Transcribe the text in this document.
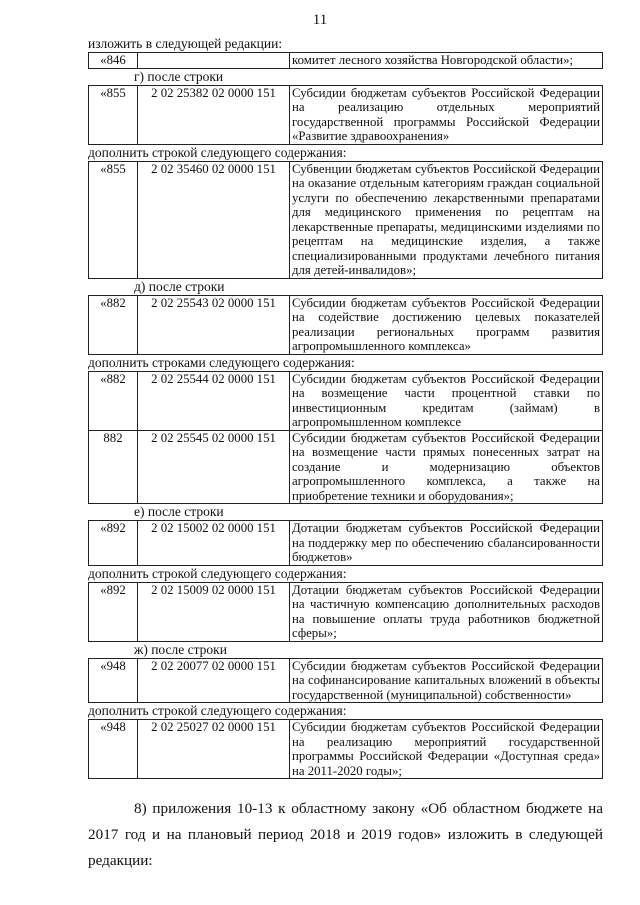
11
изложить в следующей редакции:
«846		комитет лесного хозяйства Новгородской области»;
г) после строки
«855	2 02 25382 02 0000 151	Субсидии бюджетам субъектов Российской Федерации на реализацию отдельных мероприятий государственной программы Российской Федерации «Развитие здравоохранения»
дополнить строкой следующего содержания:
«855	2 02 35460 02 0000 151	Субвенции бюджетам субъектов Российской Федерации на оказание отдельным категориям граждан социальной услуги по обеспечению лекарственными препаратами для медицинского применения по рецептам на лекарственные препараты, медицинскими изделиями по рецептам на медицинские изделия, а также специализированными продуктами лечебного питания для детей-инвалидов»;
д) после строки
«882	2 02 25543 02 0000 151	Субсидии бюджетам субъектов Российской Федерации на содействие достижению целевых показателей реализации региональных программ развития агропромышленного комплекса»
дополнить строками следующего содержания:
«882	2 02 25544 02 0000 151	Субсидии бюджетам субъектов Российской Федерации на возмещение части процентной ставки по инвестиционным кредитам (займам) в агропромышленном комплексе
882	2 02 25545 02 0000 151	Субсидии бюджетам субъектов Российской Федерации на возмещение части прямых понесенных затрат на создание и модернизацию объектов агропромышленного комплекса, а также на приобретение техники и оборудования»;
е) после строки
«892	2 02 15002 02 0000 151	Дотации бюджетам субъектов Российской Федерации на поддержку мер по обеспечению сбалансированности бюджетов»
дополнить строкой следующего содержания:
«892	2 02 15009 02 0000 151	Дотации бюджетам субъектов Российской Федерации на частичную компенсацию дополнительных расходов на повышение оплаты труда работников бюджетной сферы»;
ж) после строки
«948	2 02 20077 02 0000 151	Субсидии бюджетам субъектов Российской Федерации на софинансирование капитальных вложений в объекты государственной (муниципальной) собственности»
дополнить строкой следующего содержания:
«948	2 02 25027 02 0000 151	Субсидии бюджетам субъектов Российской Федерации на реализацию мероприятий государственной программы Российской Федерации «Доступная среда» на 2011-2020 годы»;
8) приложения 10-13 к областному закону «Об областном бюджете на 2017 год и на плановый период 2018 и 2019 годов» изложить в следующей редакции:
